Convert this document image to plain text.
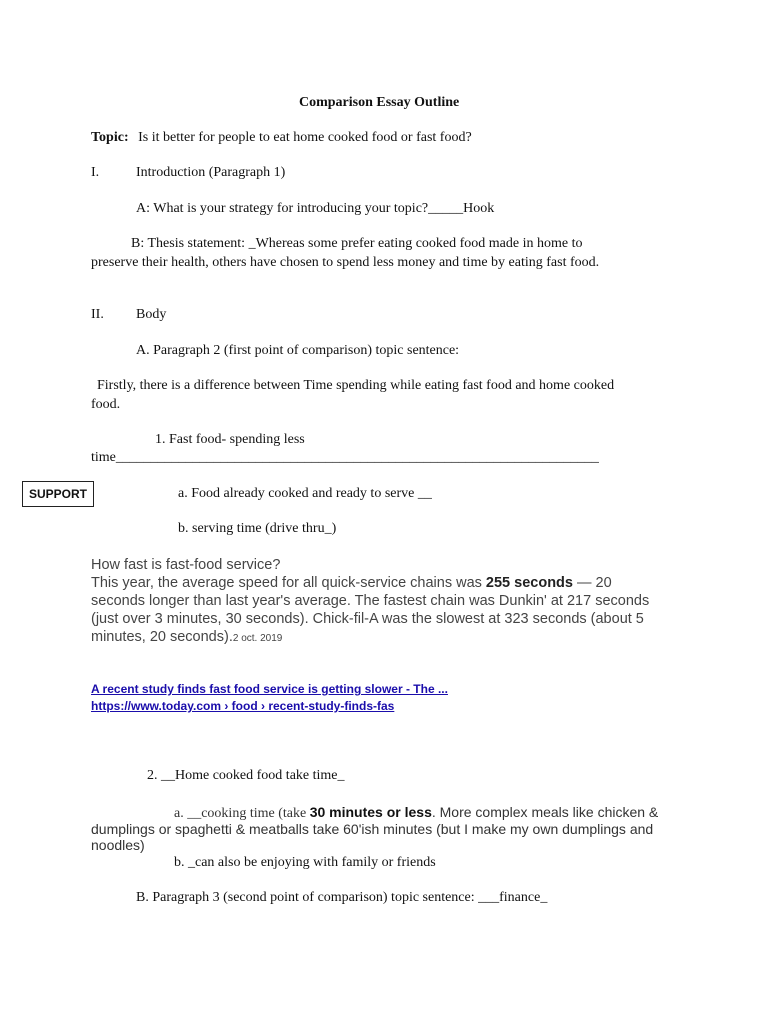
Comparison Essay Outline
Topic: Is it better for people to eat home cooked food or fast food?
I.	Introduction (Paragraph 1)
A: What is your strategy for introducing your topic?_____Hook
B: Thesis statement: _Whereas some prefer eating cooked food made in home to
preserve their health, others have chosen to spend less money and time by eating fast food.
II. Body
A. Paragraph 2 (first point of comparison) topic sentence:
Firstly, there is a difference between Time spending while eating fast food and home cooked
food.
1. Fast food- spending less
time_____________________________________________________________________
SUPPORT	a. Food already cooked and ready to serve __
b. serving time (drive thru_)
How fast is fast-food service?
This year, the average speed for all quick-service chains was 255 seconds — 20
seconds longer than last year's average. The fastest chain was Dunkin' at 217 seconds
(just over 3 minutes, 30 seconds). Chick-fil-A was the slowest at 323 seconds (about 5
minutes, 20 seconds).2 oct. 2019
A recent study finds fast food service is getting slower - The ...
https://www.today.com › food › recent-study-finds-fas
2. __Home cooked food take time_
a. __cooking time (take 30 minutes or less. More complex meals like chicken &
dumplings or spaghetti & meatballs take 60'ish minutes (but I make my own dumplings and
noodles)
b. _can also be enjoying with family or friends
B. Paragraph 3 (second point of comparison) topic sentence: ___finance_
